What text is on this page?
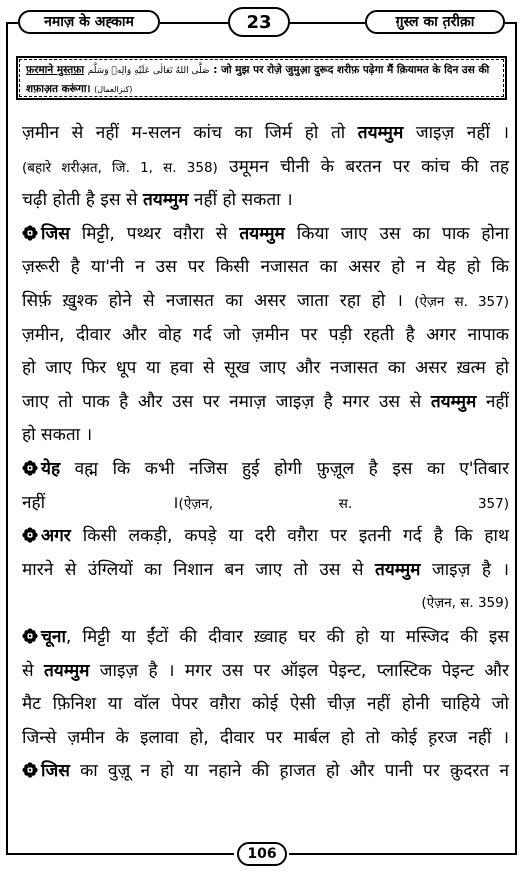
नमाज़ के अह्काम	23	ग़ुस्ल का त़रीक़ा
फ़रमाने मुस्त़फ़ा صَلَّى اللهُ تَعَالٰى عَلَيْهِ وَالِهٖ وَسَلَّم : जो मुझ पर रोज़े जुमुआ़ दुरूद शरीफ़ पढ़ेगा मैं क़ियामत के दिन उस की
शफ़ाअ़त करूंगा। (کنزالعمال)
ज़मीन से नहीं म-सलन कांच का जिर्म हो तो तयम्मुम जाइज़ नहीं ।
(बहारे शरीअ़त, जि. 1, स. 358) उमूमन चीनी के बरतन पर कांच की तह
चढ़ी होती है इस से तयम्मुम नहीं हो सकता ।
जिस मिट्टी, पथ्थर वग़ैरा से तयम्मुम किया जाए उस का पाक होना
ज़रूरी है या'नी न उस पर किसी नजासत का असर हो न येह हो कि
सिर्फ़ ख़ुश्क होने से नजासत का असर जाता रहा हो । (ऐज़न स. 357)
ज़मीन, दीवार और वोह गर्द जो ज़मीन पर पड़ी रहती है अगर नापाक
हो जाए फिर धूप या हवा से सूख जाए और नजासत का असर ख़त्म हो
जाए तो पाक है और उस पर नमाज़ जाइज़ है मगर उस से तयम्मुम नहीं
हो सकता ।
येह वह्म कि कभी नजिस हुई होगी फ़ुज़ूल है इस का ए'तिबार
नहीं ।(ऐज़न, स. 357)
अगर किसी लकड़ी, कपड़े या दरी वग़ैरा पर इतनी गर्द है कि हाथ
मारने से उंग्लियों का निशान बन जाए तो उस से तयम्मुम जाइज़ है ।
(ऐज़न, स. 359)
चूना, मिट्टी या ईंटों की दीवार ख़्वाह घर की हो या मस्जिद की इस
से तयम्मुम जाइज़ है । मगर उस पर ऑइल पेइन्ट, प्लास्टिक पेइन्ट और
मैट फ़िनिश या वॉल पेपर वग़ैरा कोई ऐसी चीज़ नहीं होनी चाहिये जो
जिन्से ज़मीन के इलावा हो, दीवार पर मार्बल हो तो कोई ह़रज नहीं ।
जिस का वुज़ू न हो या नहाने की ह़ाजत हो और पानी पर क़ुदरत न
106
